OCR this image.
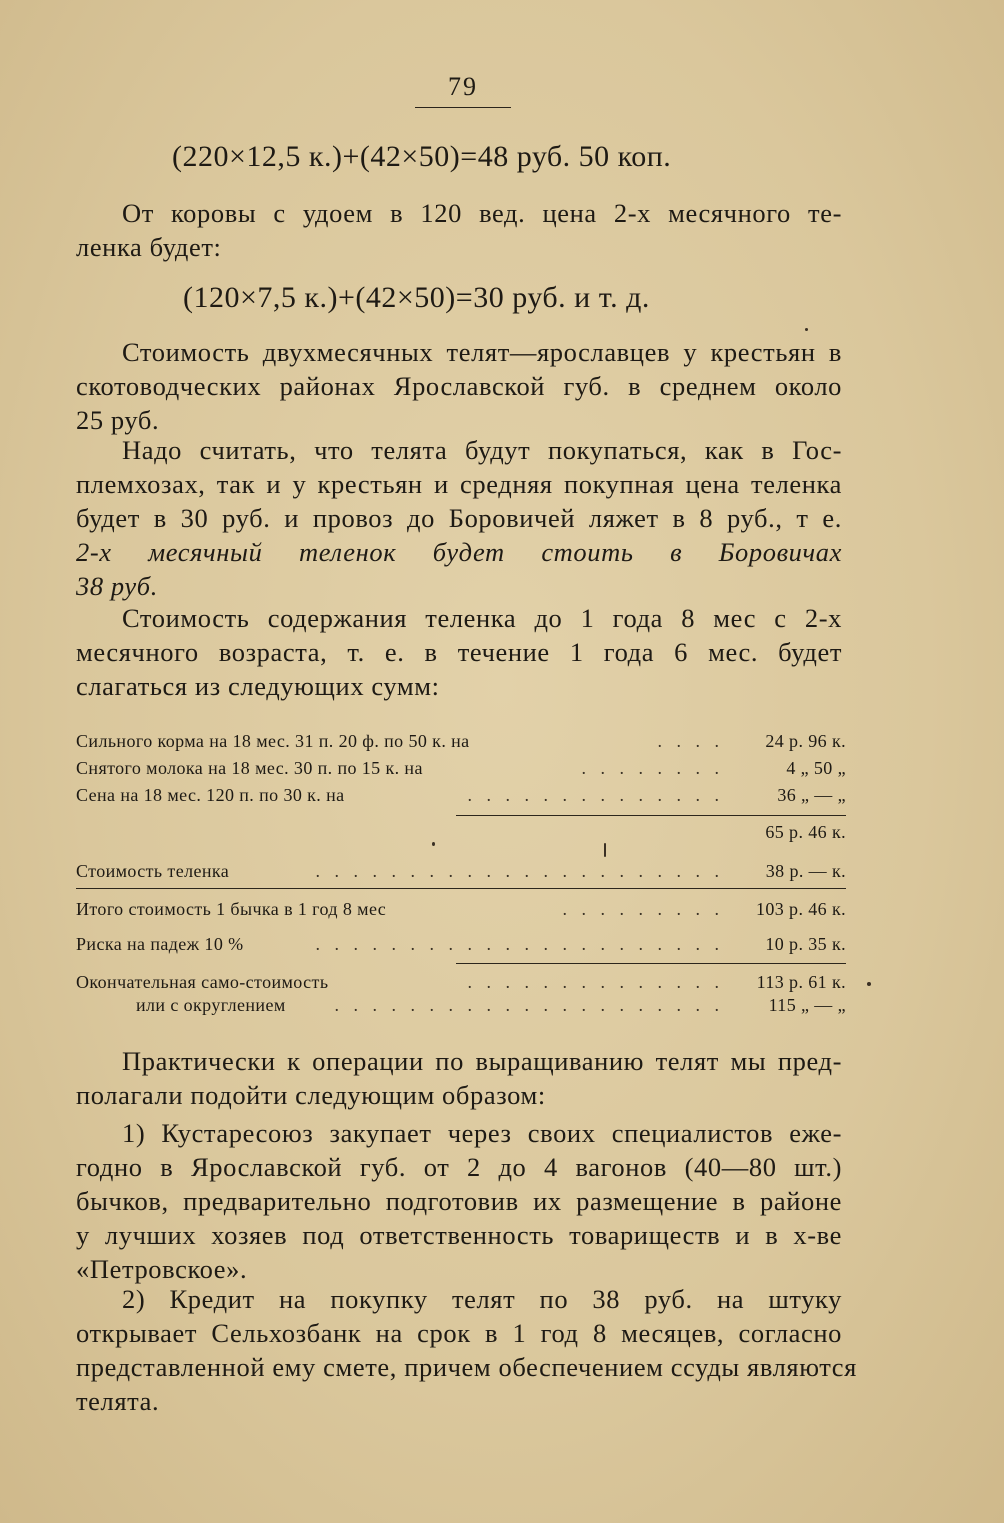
79
(220×12,5 к.)+(42×50)=48 руб. 50 коп.
От коровы с удоем в 120 вед. цена 2-х месячного те-
ленка будет:
(120×7,5 к.)+(42×50)=30 руб. и т. д.
Стоимость двухмесячных телят—ярославцев у крестьян в
скотоводческих районах Ярославской губ. в среднем около
25 руб.
Надо считать, что телята будут покупаться, как в Гос-
племхозах, так и у крестьян и средняя покупная цена теленка
будет в 30 руб. и провоз до Боровичей ляжет в 8 руб., т е.
2-х месячный теленок будет стоить в Боровичах
38 руб.
Стоимость содержания теленка до 1 года 8 мес с 2-х
месячного возраста, т. е. в течение 1 года 6 мес. будет
слагаться из следующих сумм:
Сильного корма на 18 мес. 31 п. 20 ф. по 50 к. на	. . . .	24 р. 96 к.
Снятого молока на 18 мес. 30 п. по 15 к. на	. . . . . . . .	4 „ 50 „
Сена на 18 мес. 120 п. по 30 к. на	. . . . . . . . . . . . . .	36 „ — „
65 р. 46 к.
Стоимость теленка	. . . . . . . . . . . . . . . . . . . . . .	38 р. — к.
Итого стоимость 1 бычка в 1 год 8 мес	. . . . . . . . .	103 р. 46 к.
Риска на падеж 10 %	. . . . . . . . . . . . . . . . . . . . . .	10 р. 35 к.
Окончательная само-стоимость	. . . . . . . . . . . . . .	113 р. 61 к.
или с округлением	. . . . . . . . . . . . . . . . . . . . .	115 „ — „
Практически к операции по выращиванию телят мы пред-
полагали подойти следующим образом:
1) Кустаресоюз закупает через своих специалистов еже-
годно в Ярославской губ. от 2 до 4 вагонов (40—80 шт.)
бычков, предварительно подготовив их размещение в районе
у лучших хозяев под ответственность товариществ и в х-ве
«Петровское».
2) Кредит на покупку телят по 38 руб. на штуку
открывает Сельхозбанк на срок в 1 год 8 месяцев, согласно
представленной ему смете, причем обеспечением ссуды являются
телята.
